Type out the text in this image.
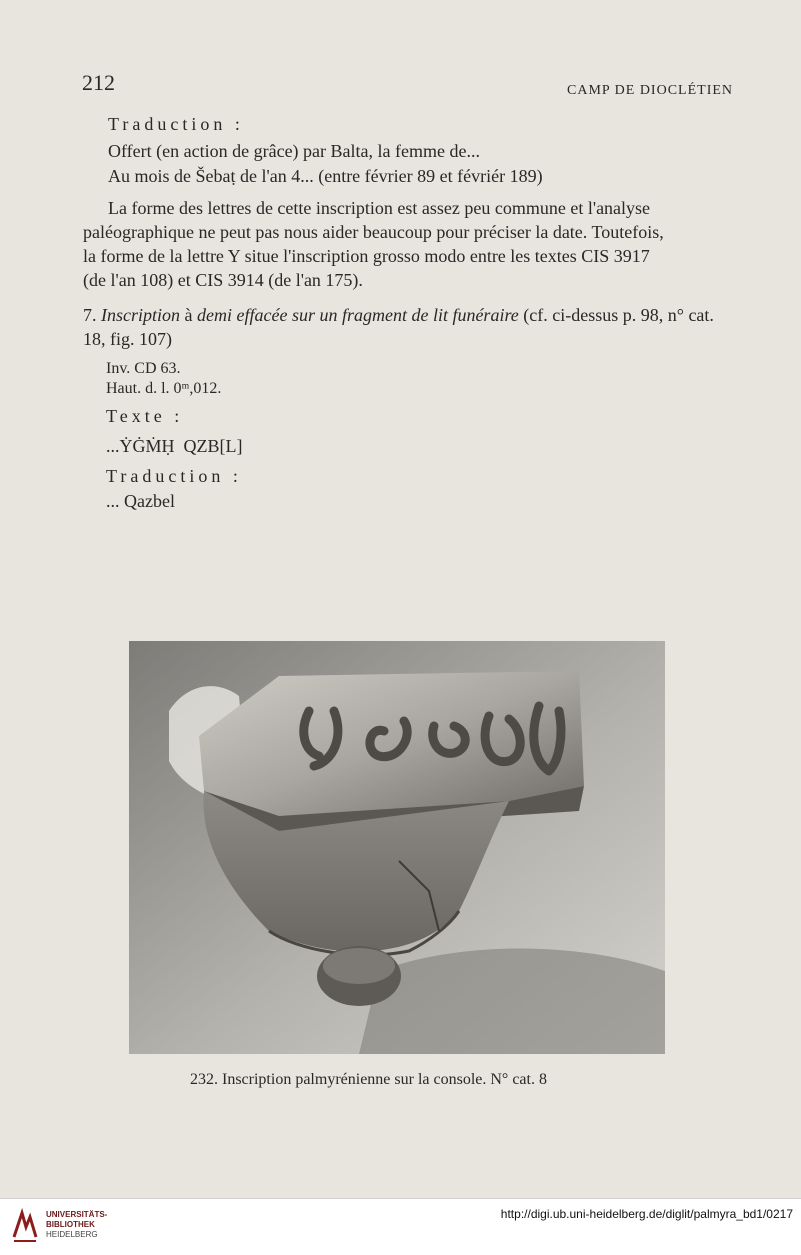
212	CAMP DE DIOCLÉTIEN
Traduction :
Offert (en action de grâce) par Balta, la femme de...
Au mois de Šebaṭ de l'an 4... (entre février 89 et févriér 189)
La forme des lettres de cette inscription est assez peu commune et l'analyse
paléographique ne peut pas nous aider beaucoup pour préciser la date. Toutefois,
la forme de la lettre Y situe l'inscription grosso modo entre les textes CIS 3917
(de l'an 108) et CIS 3914 (de l'an 175).
7. Inscription à demi effacée sur un fragment de lit funéraire (cf. ci-dessus p. 98, n° cat.
18, fig. 107)
Inv. CD 63.
Haut. d. l. 0ᵐ,012.
Texte :
...ẎĠṀḤ  QZB[L]
Traduction :
... Qazbel
232. Inscription palmyrénienne sur la console. N° cat. 8
UNIVERSITÄTS-
BIBLIOTHEK
HEIDELBERG
http://digi.ub.uni-heidelberg.de/diglit/palmyra_bd1/0217
